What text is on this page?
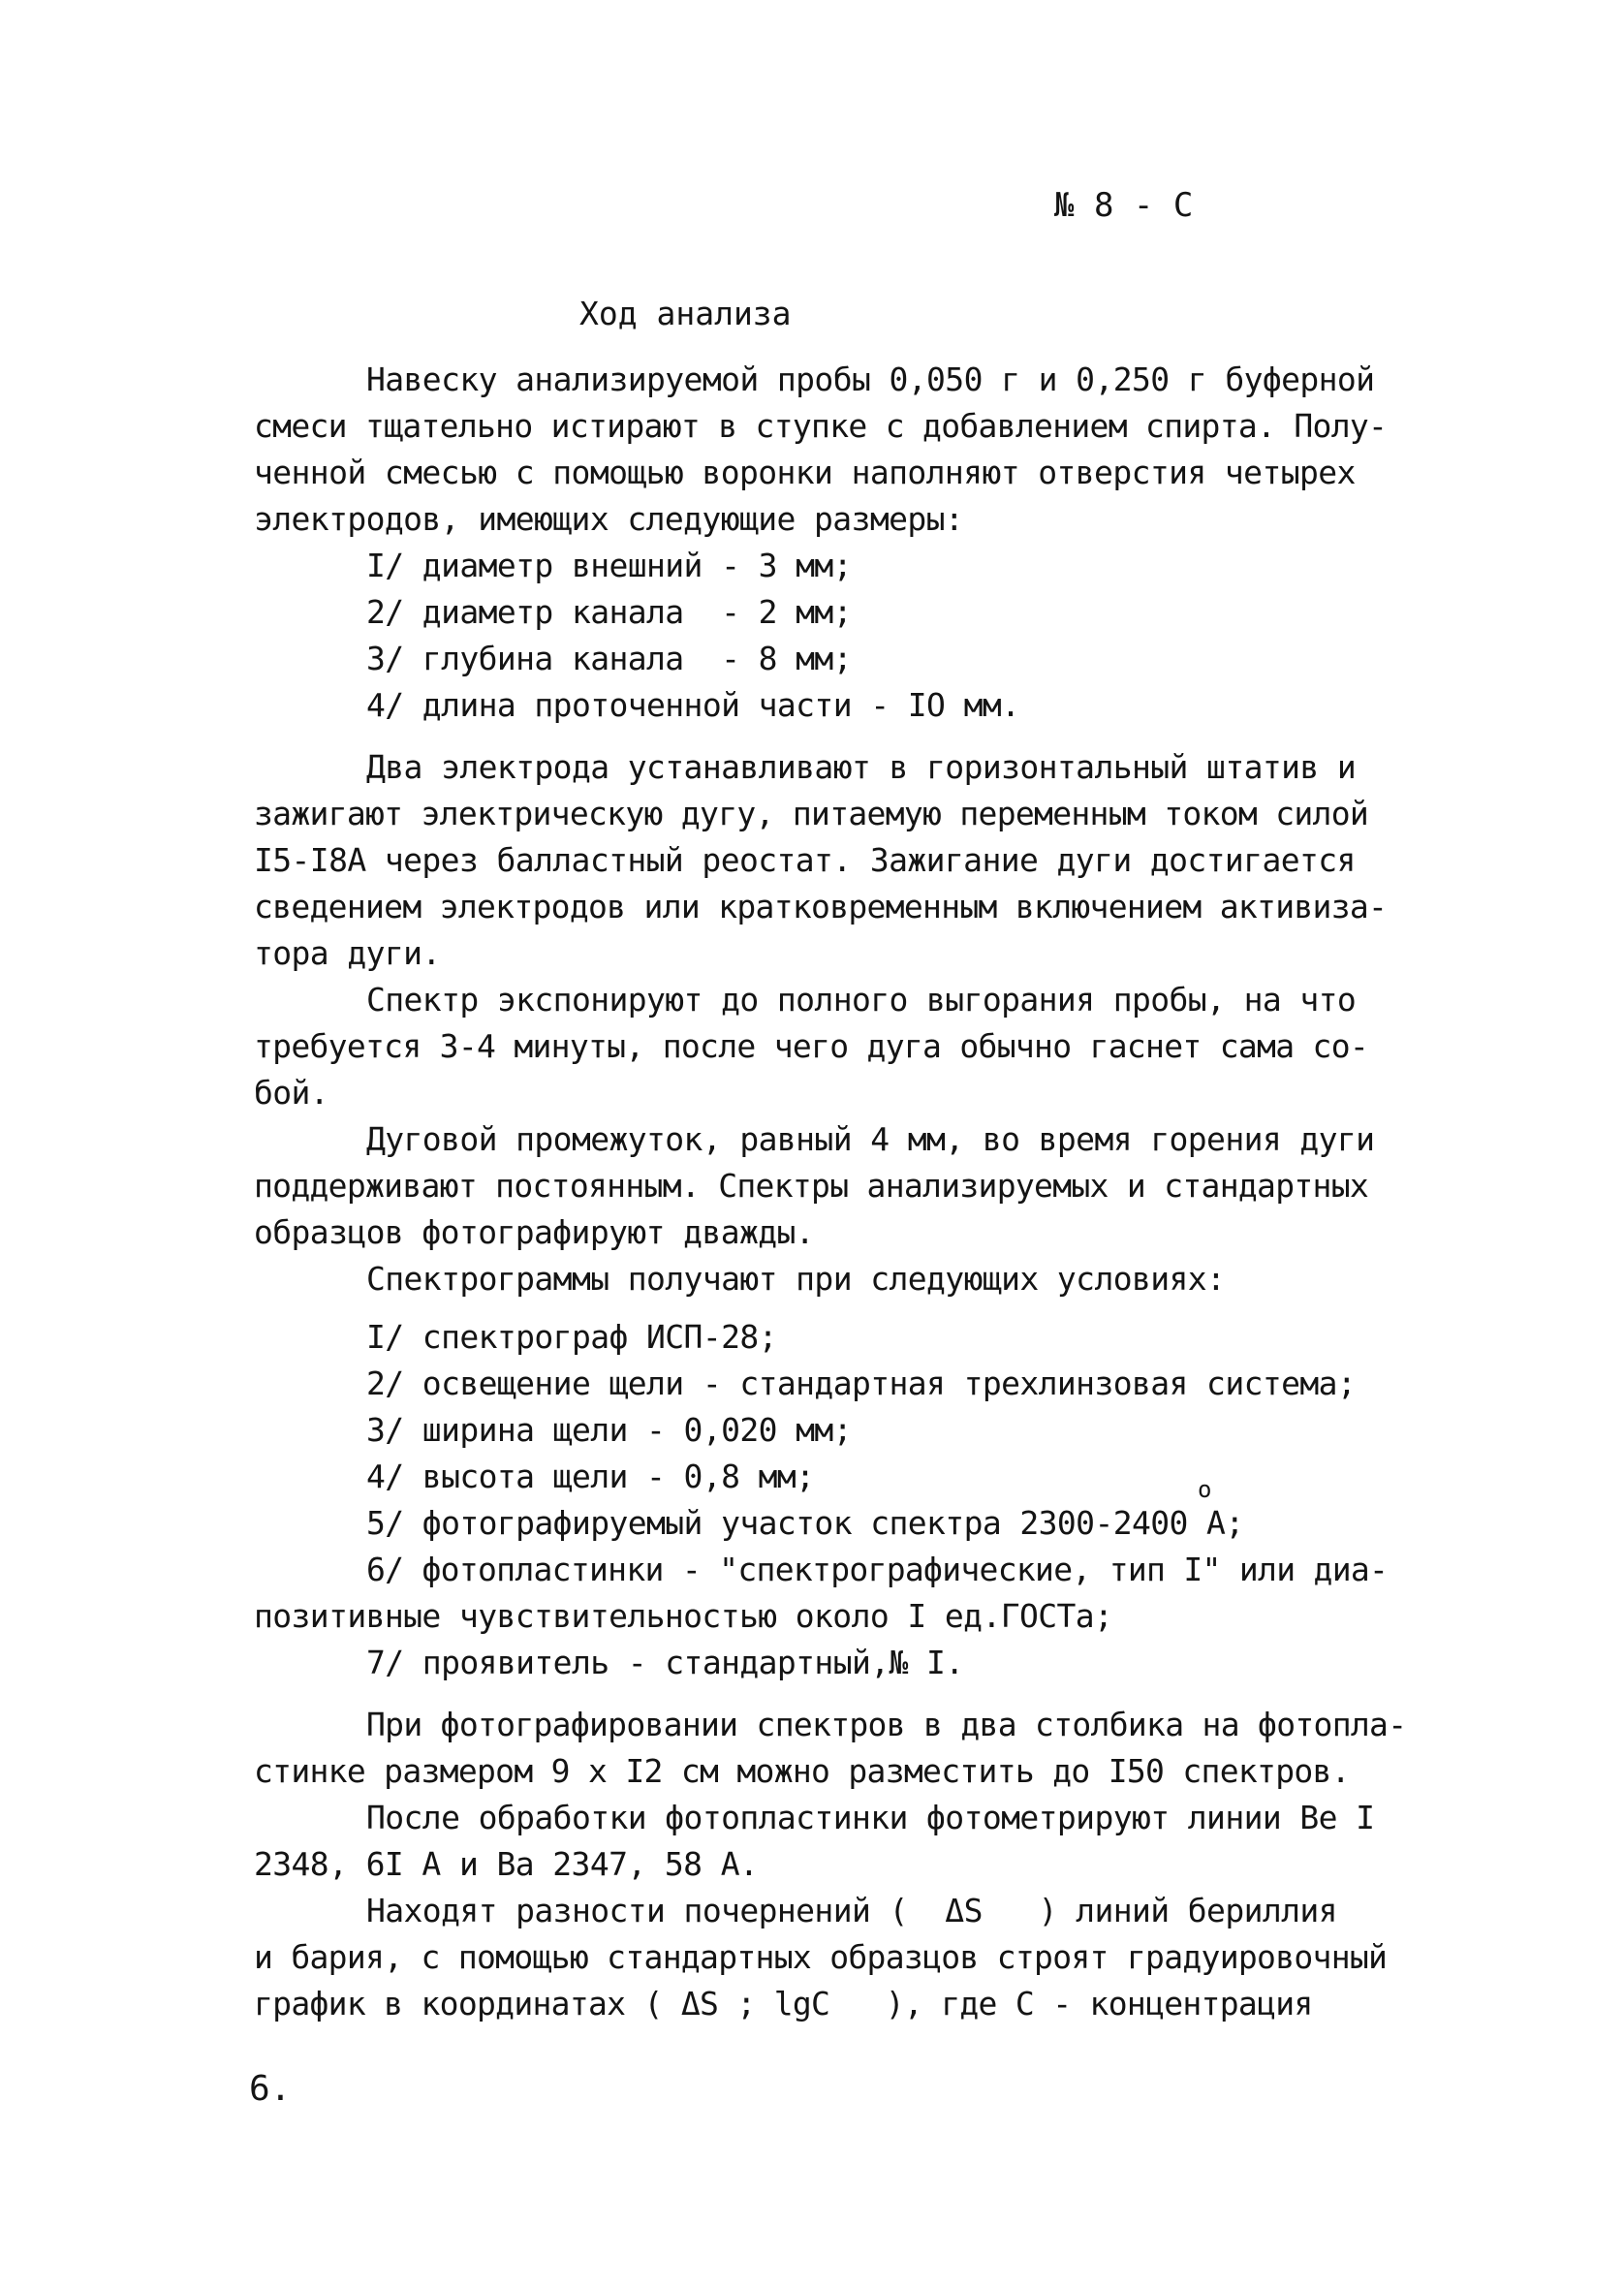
№ 8 - С
Ход анализа
Навеску анализируемой пробы 0,050 г и 0,250 г буферной
смеси тщательно истирают в ступке с добавлением спирта. Полу-
ченной смесью с помощью воронки наполняют отверстия четырех
электродов, имеющих следующие размеры:
I/ диаметр внешний - 3 мм;
2/ диаметр канала  - 2 мм;
3/ глубина канала  - 8 мм;
4/ длина проточенной части - IO мм.
Два электрода устанавливают в горизонтальный штатив и
зажигают электрическую дугу, питаемую переменным током силой
I5-I8А через балластный реостат. Зажигание дуги достигается
сведением электродов или кратковременным включением активиза-
тора дуги.
Спектр экспонируют до полного выгорания пробы, на что
требуется 3-4 минуты, после чего дуга обычно гаснет сама со-
бой.
Дуговой промежуток, равный 4 мм, во время горения дуги
поддерживают постоянным. Спектры анализируемых и стандартных
образцов фотографируют дважды.
Спектрограммы получают при следующих условиях:
I/ спектрограф ИСП-28;
2/ освещение щели - стандартная трехлинзовая система;
3/ ширина щели - 0,020 мм;
4/ высота щели - 0,8 мм;
5/ фотографируемый участок спектра 2300-2400 А;
о
6/ фотопластинки - "спектрографические, тип I" или диа-
позитивные чувствительностью около I ед.ГОСТа;
7/ проявитель - стандартный,№ I.
При фотографировании спектров в два столбика на фотопла-
стинке размером 9 х I2 см можно разместить до I50 спектров.
После обработки фотопластинки фотометрируют линии Ве I
2348, 6I А и Ва 2347, 58 А.
Находят разности почернений (  ΔS   ) линий бериллия
и бария, с помощью стандартных образцов строят градуировочный
график в координатах ( ΔS ; lgC   ), где С - концентрация
6.
